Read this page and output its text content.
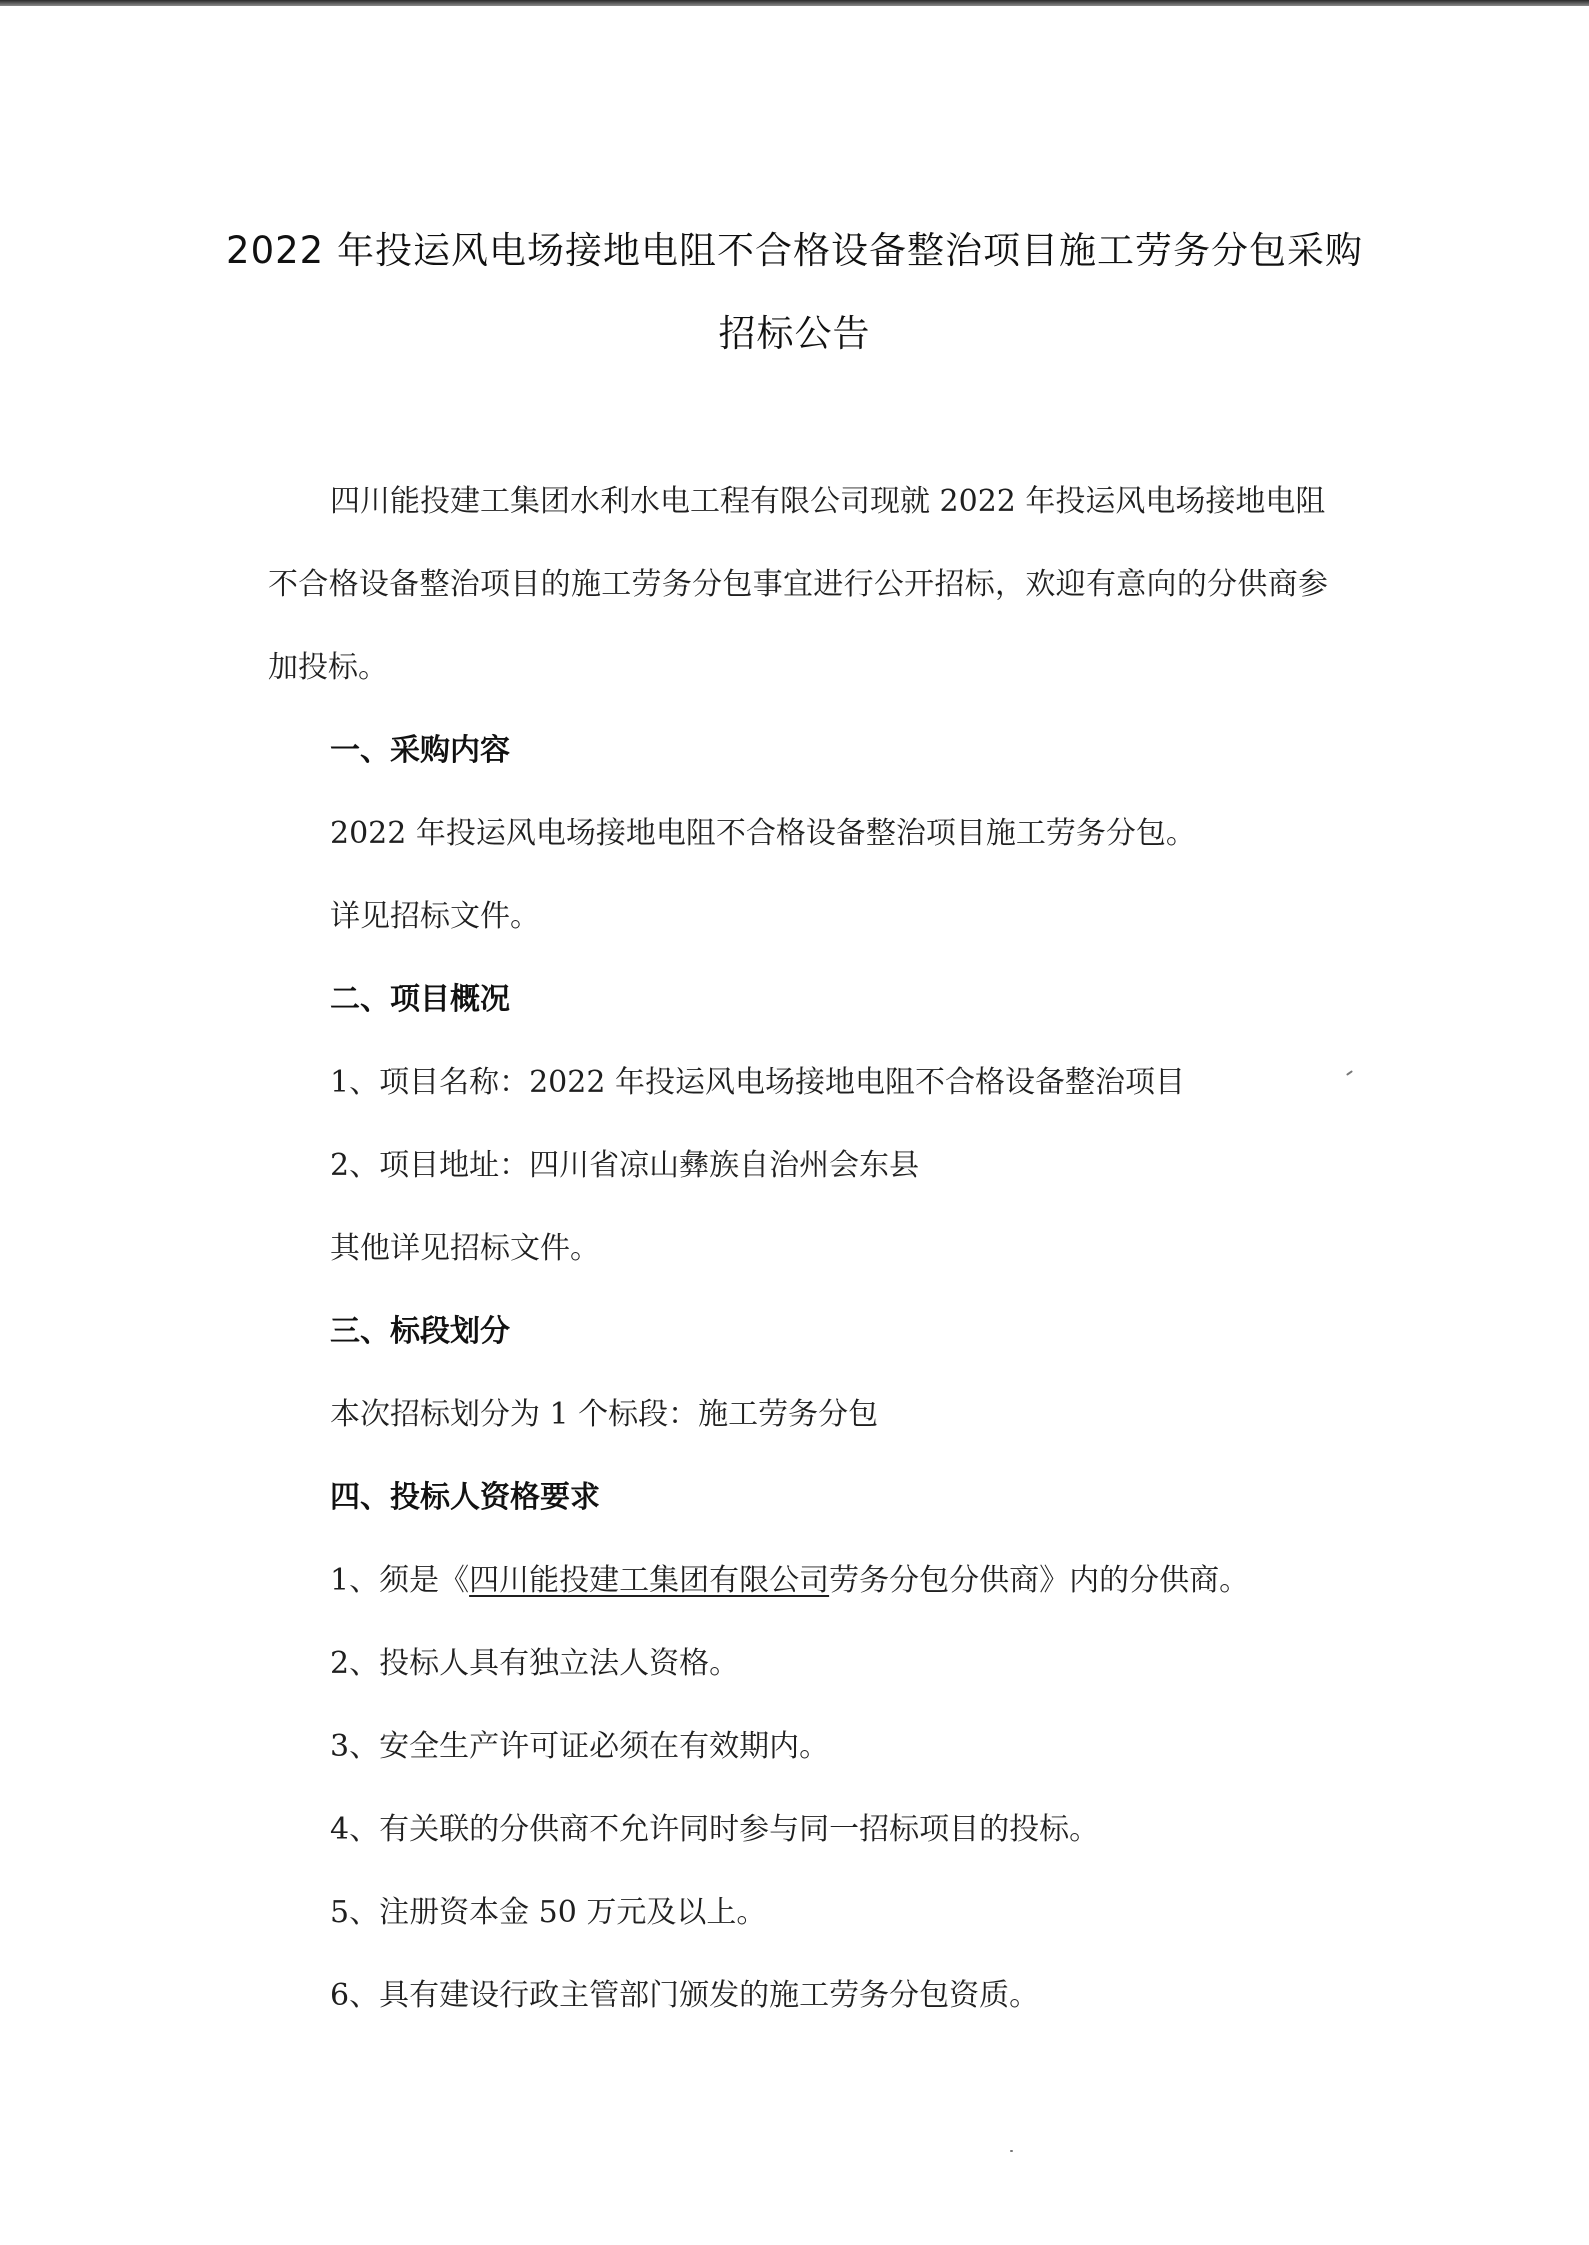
2022 年投运风电场接地电阻不合格设备整治项目施工劳务分包采购
招标公告
四川能投建工集团水利水电工程有限公司现就 2022 年投运风电场接地电阻
不合格设备整治项目的施工劳务分包事宜进行公开招标，欢迎有意向的分供商参
加投标。
一、采购内容
2022 年投运风电场接地电阻不合格设备整治项目施工劳务分包。
详见招标文件。
二、项目概况
1、项目名称：2022 年投运风电场接地电阻不合格设备整治项目
2、项目地址：四川省凉山彝族自治州会东县
其他详见招标文件。
三、标段划分
本次招标划分为 1 个标段：施工劳务分包
四、投标人资格要求
1、须是《四川能投建工集团有限公司劳务分包分供商》内的分供商。
2、投标人具有独立法人资格。
3、安全生产许可证必须在有效期内。
4、有关联的分供商不允许同时参与同一招标项目的投标。
5、注册资本金 50 万元及以上。
6、具有建设行政主管部门颁发的施工劳务分包资质。
